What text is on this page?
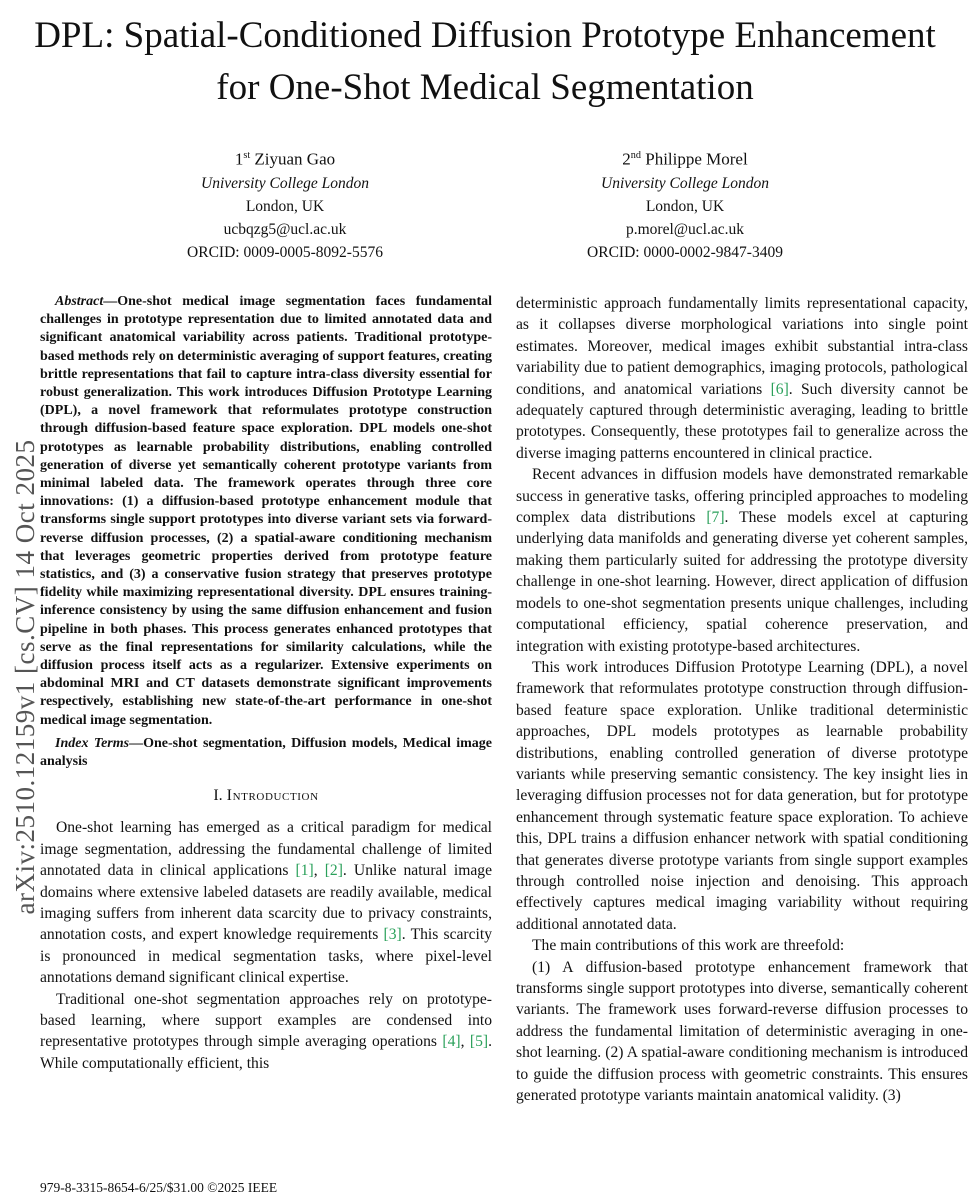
arXiv:2510.12159v1 [cs.CV] 14 Oct 2025
DPL: Spatial-Conditioned Diffusion Prototype Enhancement for One-Shot Medical Segmentation
1st Ziyuan Gao
University College London
London, UK
ucbqzg5@ucl.ac.uk
ORCID: 0009-0005-8092-5576
2nd Philippe Morel
University College London
London, UK
p.morel@ucl.ac.uk
ORCID: 0000-0002-9847-3409

Abstract—One-shot medical image segmentation faces fundamental challenges in prototype representation due to limited annotated data and significant anatomical variability across patients. Traditional prototype-based methods rely on deterministic averaging of support features, creating brittle representations that fail to capture intra-class diversity essential for robust generalization. This work introduces Diffusion Prototype Learning (DPL), a novel framework that reformulates prototype construction through diffusion-based feature space exploration. DPL models one-shot prototypes as learnable probability distributions, enabling controlled generation of diverse yet semantically coherent prototype variants from minimal labeled data. The framework operates through three core innovations: (1) a diffusion-based prototype enhancement module that transforms single support prototypes into diverse variant sets via forward-reverse diffusion processes, (2) a spatial-aware conditioning mechanism that leverages geometric properties derived from prototype feature statistics, and (3) a conservative fusion strategy that preserves prototype fidelity while maximizing representational diversity. DPL ensures training-inference consistency by using the same diffusion enhancement and fusion pipeline in both phases. This process generates enhanced prototypes that serve as the final representations for similarity calculations, while the diffusion process itself acts as a regularizer. Extensive experiments on abdominal MRI and CT datasets demonstrate significant improvements respectively, establishing new state-of-the-art performance in one-shot medical image segmentation.

Index Terms—One-shot segmentation, Diffusion models, Medical image analysis

I. Introduction

One-shot learning has emerged as a critical paradigm for medical image segmentation, addressing the fundamental challenge of limited annotated data in clinical applications [1], [2]. Unlike natural image domains where extensive labeled datasets are readily available, medical imaging suffers from inherent data scarcity due to privacy constraints, annotation costs, and expert knowledge requirements [3]. This scarcity is pronounced in medical segmentation tasks, where pixel-level annotations demand significant clinical expertise.

Traditional one-shot segmentation approaches rely on prototype-based learning, where support examples are condensed into representative prototypes through simple averaging operations [4], [5]. While computationally efficient, this

deterministic approach fundamentally limits representational capacity, as it collapses diverse morphological variations into single point estimates. Moreover, medical images exhibit substantial intra-class variability due to patient demographics, imaging protocols, pathological conditions, and anatomical variations [6]. Such diversity cannot be adequately captured through deterministic averaging, leading to brittle prototypes. Consequently, these prototypes fail to generalize across the diverse imaging patterns encountered in clinical practice.

Recent advances in diffusion models have demonstrated remarkable success in generative tasks, offering principled approaches to modeling complex data distributions [7]. These models excel at capturing underlying data manifolds and generating diverse yet coherent samples, making them particularly suited for addressing the prototype diversity challenge in one-shot learning. However, direct application of diffusion models to one-shot segmentation presents unique challenges, including computational efficiency, spatial coherence preservation, and integration with existing prototype-based architectures.

This work introduces Diffusion Prototype Learning (DPL), a novel framework that reformulates prototype construction through diffusion-based feature space exploration. Unlike traditional deterministic approaches, DPL models prototypes as learnable probability distributions, enabling controlled generation of diverse prototype variants while preserving semantic consistency. The key insight lies in leveraging diffusion processes not for data generation, but for prototype enhancement through systematic feature space exploration. To achieve this, DPL trains a diffusion enhancer network with spatial conditioning that generates diverse prototype variants from single support examples through controlled noise injection and denoising. This approach effectively captures medical imaging variability without requiring additional annotated data.

The main contributions of this work are threefold:

(1) A diffusion-based prototype enhancement framework that transforms single support prototypes into diverse, semantically coherent variants. The framework uses forward-reverse diffusion processes to address the fundamental limitation of deterministic averaging in one-shot learning. (2) A spatial-aware conditioning mechanism is introduced to guide the diffusion process with geometric constraints. This ensures generated prototype variants maintain anatomical validity. (3)

979-8-3315-8654-6/25/$31.00 ©2025 IEEE
